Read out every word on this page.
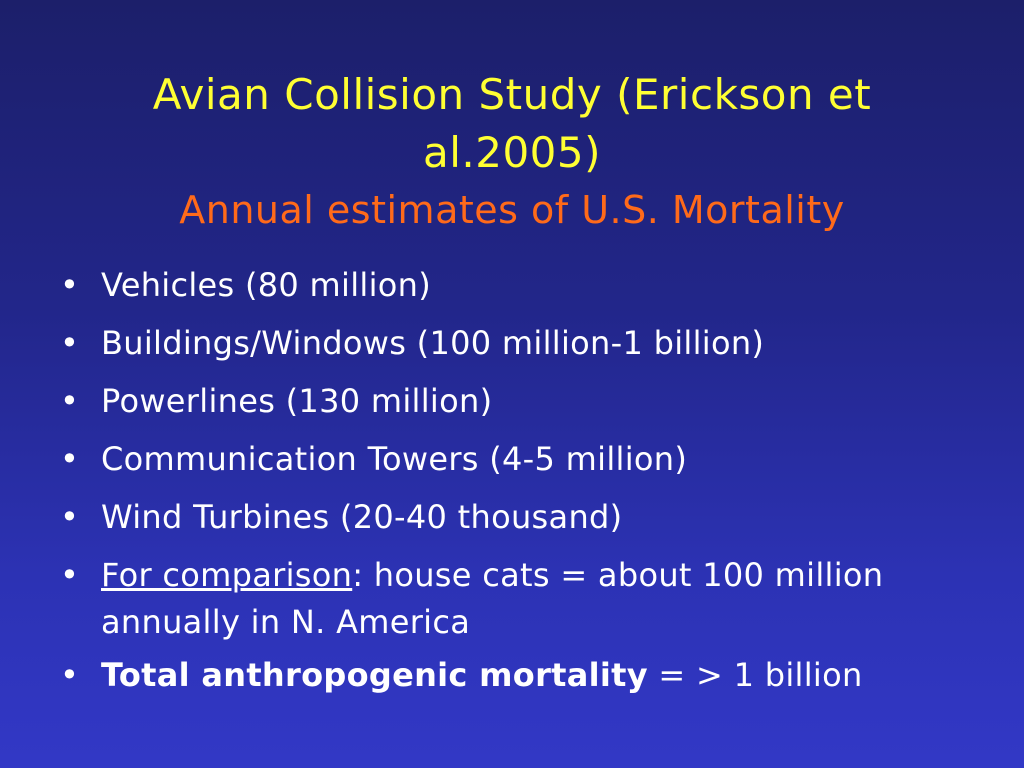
Avian Collision Study (Erickson et
al.2005)
Annual estimates of U.S. Mortality
• Vehicles (80 million)
• Buildings/Windows (100 million-1 billion)
• Powerlines (130 million)
• Communication Towers (4-5 million)
• Wind Turbines (20-40 thousand)
• For comparison: house cats = about 100 million annually in N. America
• Total anthropogenic mortality = > 1 billion
